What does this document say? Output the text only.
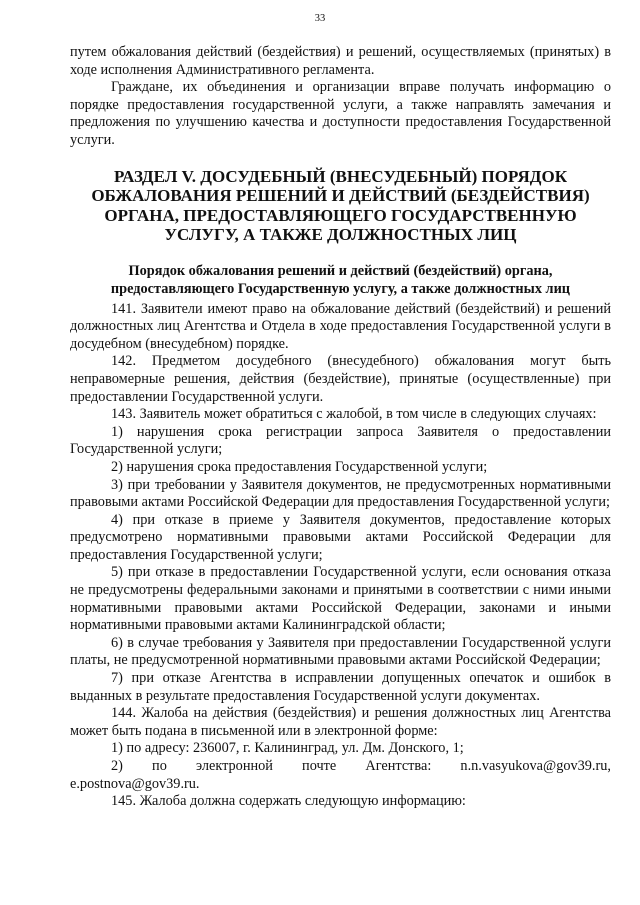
33

путем обжалования действий (бездействия) и решений, осуществляемых (принятых) в ходе исполнения Административного регламента.

Граждане, их объединения и организации вправе получать информацию о порядке предоставления государственной услуги, а также направлять замечания и предложения по улучшению качества и доступности предоставления Государственной услуги.

РАЗДЕЛ V. ДОСУДЕБНЫЙ (ВНЕСУДЕБНЫЙ) ПОРЯДОК ОБЖАЛОВАНИЯ РЕШЕНИЙ И ДЕЙСТВИЙ (БЕЗДЕЙСТВИЯ) ОРГАНА, ПРЕДОСТАВЛЯЮЩЕГО ГОСУДАРСТВЕННУЮ УСЛУГУ, А ТАКЖЕ ДОЛЖНОСТНЫХ ЛИЦ
Порядок обжалования решений и действий (бездействий) органа, предоставляющего Государственную услугу, а также должностных лиц

141. Заявители имеют право на обжалование действий (бездействий) и решений должностных лиц Агентства и Отдела в ходе предоставления Государственной услуги в досудебном (внесудебном) порядке.

142. Предметом досудебного (внесудебного) обжалования могут быть неправомерные решения, действия (бездействие), принятые (осуществленные) при предоставлении Государственной услуги.

143. Заявитель может обратиться с жалобой, в том числе в следующих случаях:

1) нарушения срока регистрации запроса Заявителя о предоставлении Государственной услуги;

2) нарушения срока предоставления Государственной услуги;

3) при требовании у Заявителя документов, не предусмотренных нормативными правовыми актами Российской Федерации для предоставления Государственной услуги;

4) при отказе в приеме у Заявителя документов, предоставление которых предусмотрено нормативными правовыми актами Российской Федерации для предоставления Государственной услуги;

5) при отказе в предоставлении Государственной услуги, если основания отказа не предусмотрены федеральными законами и принятыми в соответствии с ними иными нормативными правовыми актами Российской Федерации, законами и иными нормативными правовыми актами Калининградской области;

6) в случае требования у Заявителя при предоставлении Государственной услуги платы, не предусмотренной нормативными правовыми актами Российской Федерации;

7) при отказе Агентства в исправлении допущенных опечаток и ошибок в выданных в результате предоставления Государственной услуги документах.

144. Жалоба на действия (бездействия) и решения должностных лиц Агентства может быть подана в письменной или в электронной форме:

1) по адресу: 236007, г. Калининград, ул. Дм. Донского, 1;

2) по электронной почте Агентства: n.n.vasyukova@gov39.ru, e.postnova@gov39.ru.

145. Жалоба должна содержать следующую информацию:
